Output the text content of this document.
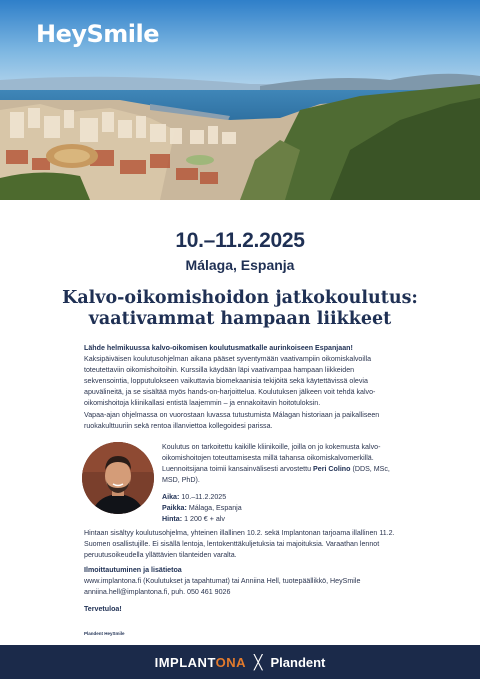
HeySmile
10.–11.2.2025
Málaga, Espanja
Kalvo-oikomishoidon jatkokoulutus:
vaativammat hampaan liikkeet

Lähde helmikuussa kalvo-oikomisen koulutusmatkalle aurinkoiseen Espanjaan! Kaksipäiväisen koulutusohjelman aikana pääset syventymään vaativampiin oikomiskalvoilla toteutettaviin oikomishoitoihin. Kurssilla käydään läpi vaativampaa hampaan liikkeiden sekvensointia, lopputulokseen vaikuttavia biomekaanisia tekijöitä sekä käytettävissä olevia apuvälineitä, ja se sisältää myös hands-on-harjoittelua. Koulutuksen jälkeen voit tehdä kalvo-oikomishoitoja kliinikallasi entistä laajemmin – ja ennakoitavin hoitotuloksin.

Vapaa-ajan ohjelmassa on vuorostaan luvassa tutustumista Málagan historiaan ja paikalliseen ruokakulttuuriin sekä rentoa illanviettoa kollegoidesi parissa.

Koulutus on tarkoitettu kaikille kliinikoille, joilla on jo kokemusta kalvo-oikomishoitojen toteuttamisesta millä tahansa oikomiskalvomerkillä. Luennoitsijana toimii kansainvälisesti arvostettu Peri Colino (DDS, MSc, MSD, PhD).

Aika: 10.–11.2.2025

Paikka: Málaga, Espanja

Hinta: 1 200 € + alv

Hintaan sisältyy koulutusohjelma, yhteinen illallinen 10.2. sekä Implantonan tarjoama illallinen 11.2. Suomen osallistujille. Ei sisällä lentoja, lentokenttäkuljetuksia tai majoituksia. Varaathan lennot peruutusoikeudella yllättävien tilanteiden varalta.

Ilmoittautuminen ja lisätietoa

www.implantona.fi (Koulutukset ja tapahtumat) tai Anniina Hell, tuotepäällikkö, HeySmile

anniina.hell@implantona.fi, puh. 050 461 9026

Tervetuloa!

Plandent HeySmile
IMPLANTONA ╳ Plandent
